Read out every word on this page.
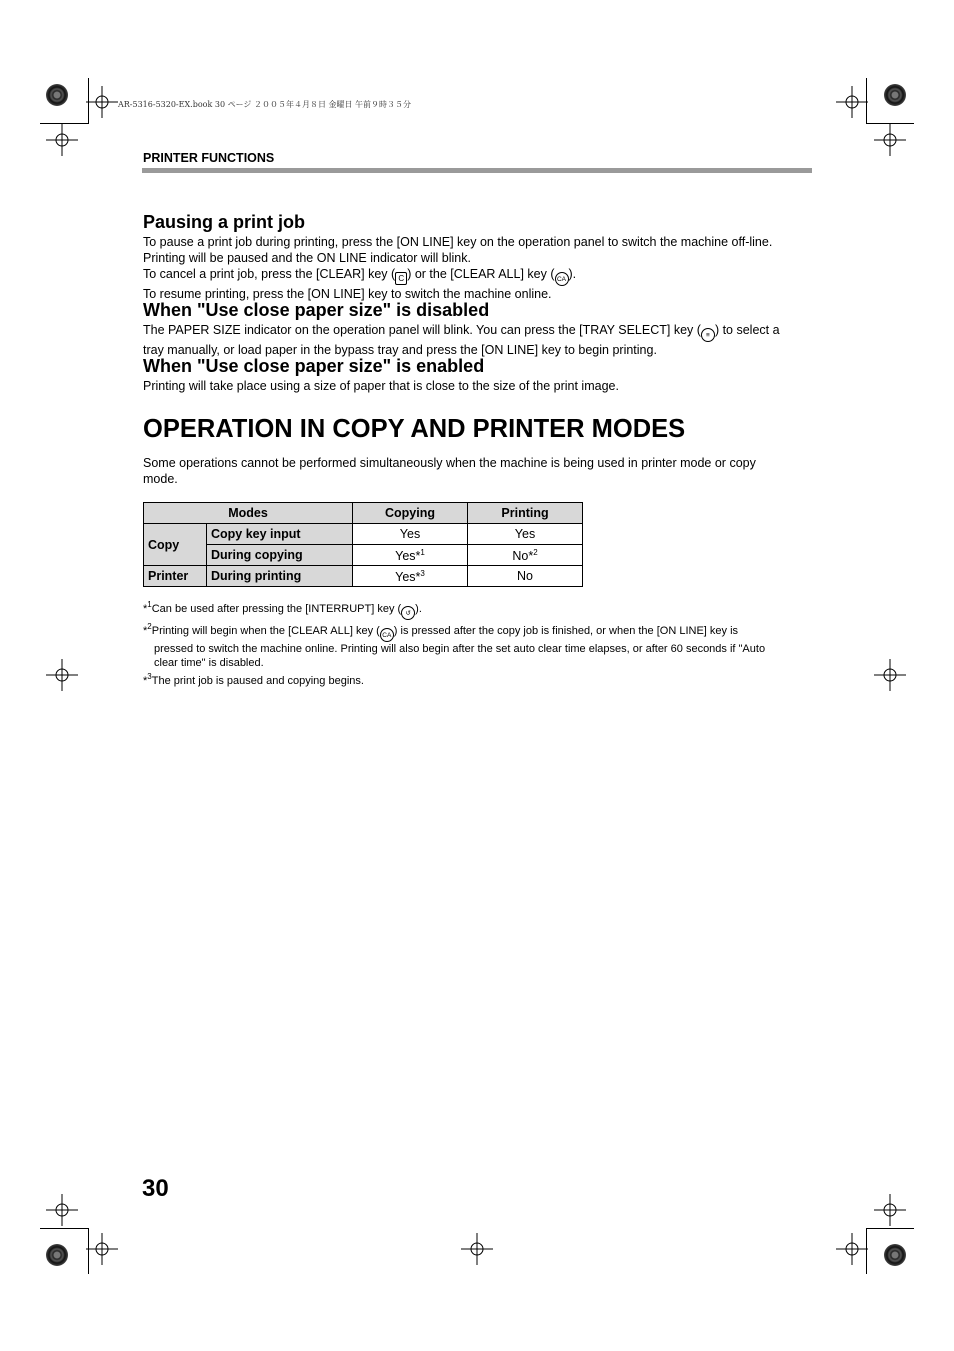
AR-5316-5320-EX.book 30 ページ ２００５年４月８日 金曜日 午前９時３５分
PRINTER FUNCTIONS
Pausing a print job
To pause a print job during printing, press the [ON LINE] key on the operation panel to switch the machine off-line.
Printing will be paused and the ON LINE indicator will blink.
To cancel a print job, press the [CLEAR] key ( C ) or the [CLEAR ALL] key ( CA ).
To resume printing, press the [ON LINE] key to switch the machine online.
When "Use close paper size" is disabled
The PAPER SIZE indicator on the operation panel will blink. You can press the [TRAY SELECT] key ( ≡ ) to select a
tray manually, or load paper in the bypass tray and press the [ON LINE] key to begin printing.
When "Use close paper size" is enabled
Printing will take place using a size of paper that is close to the size of the print image.
OPERATION IN COPY AND PRINTER MODES
Some operations cannot be performed simultaneously when the machine is being used in printer mode or copy
mode.
Modes		Copying	Printing
Copy	Copy key input	Yes	Yes
	During copying	Yes*$^1$	No*$^2$
Printer	During printing	Yes*$^3$	No
*$^1$Can be used after pressing the [INTERRUPT] key ( ↺ ).
*$^2$Printing will begin when the [CLEAR ALL] key ( CA ) is pressed after the copy job is finished, or when the [ON LINE] key is
pressed to switch the machine online. Printing will also begin after the set auto clear time elapses, or after 60 seconds if "Auto
clear time" is disabled.
*$^3$The print job is paused and copying begins.
30
